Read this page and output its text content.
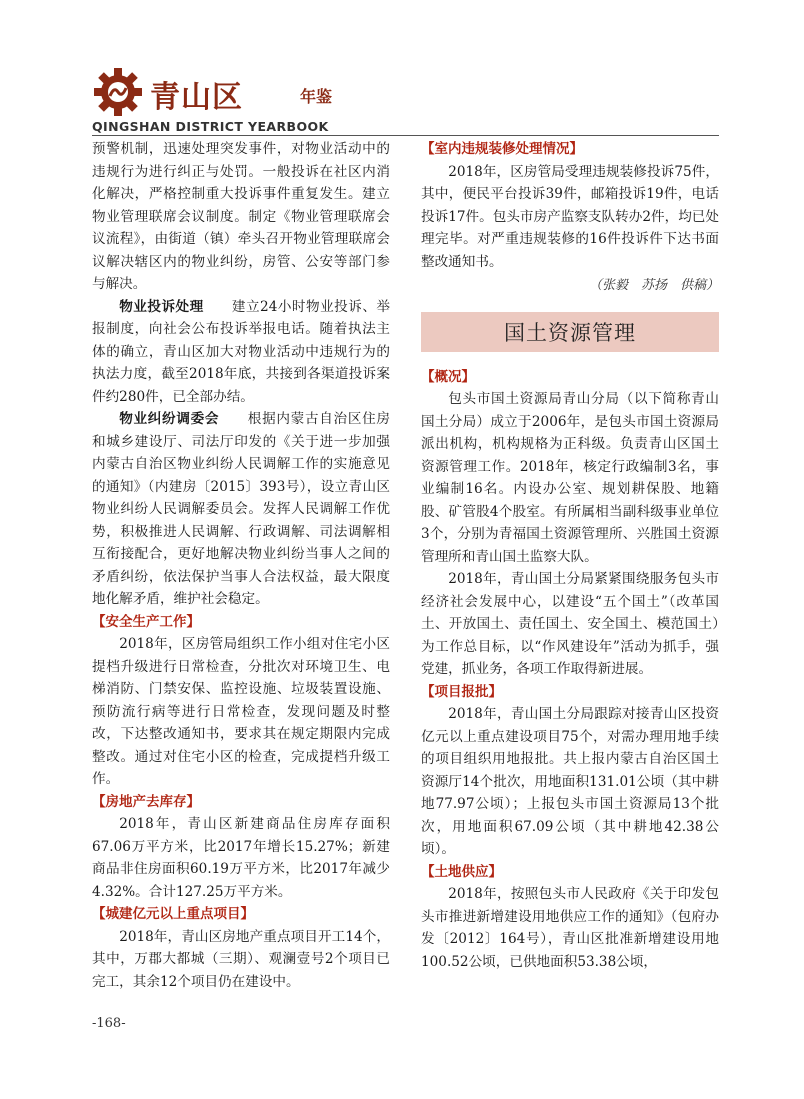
青山区	年鉴
QINGSHAN DISTRICT YEARBOOK

预警机制，迅速处理突发事件，对物业活动中的违规行为进行纠正与处罚。一般投诉在社区内消化解决，严格控制重大投诉事件重复发生。建立物业管理联席会议制度。制定《物业管理联席会议流程》，由街道（镇）牵头召开物业管理联席会议解决辖区内的物业纠纷，房管、公安等部门参与解决。

物业投诉处理　　建立24小时物业投诉、举报制度，向社会公布投诉举报电话。随着执法主体的确立，青山区加大对物业活动中违规行为的执法力度，截至2018年底，共接到各渠道投诉案件约280件，已全部办结。

物业纠纷调委会　　根据内蒙古自治区住房和城乡建设厅、司法厅印发的《关于进一步加强内蒙古自治区物业纠纷人民调解工作的实施意见的通知》（内建房〔2015〕393号），设立青山区物业纠纷人民调解委员会。发挥人民调解工作优势，积极推进人民调解、行政调解、司法调解相互衔接配合，更好地解决物业纠纷当事人之间的矛盾纠纷，依法保护当事人合法权益，最大限度地化解矛盾，维护社会稳定。

【安全生产工作】

2018年，区房管局组织工作小组对住宅小区提档升级进行日常检查，分批次对环境卫生、电梯消防、门禁安保、监控设施、垃圾装置设施、预防流行病等进行日常检查，发现问题及时整改，下达整改通知书，要求其在规定期限内完成整改。通过对住宅小区的检查，完成提档升级工作。

【房地产去库存】

2018年，青山区新建商品住房库存面积67.06万平方米，比2017年增长15.27%；新建商品非住房面积60.19万平方米，比2017年减少4.32%。合计127.25万平方米。

【城建亿元以上重点项目】

2018年，青山区房地产重点项目开工14个，其中，万郡大都城（三期）、观澜壹号2个项目已完工，其余12个项目仍在建设中。

【室内违规装修处理情况】

2018年，区房管局受理违规装修投诉75件，其中，便民平台投诉39件，邮箱投诉19件，电话投诉17件。包头市房产监察支队转办2件，均已处理完毕。对严重违规装修的16件投诉件下达书面整改通知书。

（张毅　苏扬　供稿）
国土资源管理
【概况】

包头市国土资源局青山分局（以下简称青山国土分局）成立于2006年，是包头市国土资源局派出机构，机构规格为正科级。负责青山区国土资源管理工作。2018年，核定行政编制3名，事业编制16名。内设办公室、规划耕保股、地籍股、矿管股4个股室。有所属相当副科级事业单位3个，分别为青福国土资源管理所、兴胜国土资源管理所和青山国土监察大队。

2018年，青山国土分局紧紧围绕服务包头市经济社会发展中心，以建设“五个国土”（改革国土、开放国土、责任国土、安全国土、模范国土）为工作总目标，以“作风建设年”活动为抓手，强党建，抓业务，各项工作取得新进展。

【项目报批】

2018年，青山国土分局跟踪对接青山区投资亿元以上重点建设项目75个，对需办理用地手续的项目组织用地报批。共上报内蒙古自治区国土资源厅14个批次，用地面积131.01公顷（其中耕地77.97公顷）；上报包头市国土资源局13个批次，用地面积67.09公顷（其中耕地42.38公顷）。

【土地供应】

2018年，按照包头市人民政府《关于印发包头市推进新增建设用地供应工作的通知》（包府办发〔2012〕164号），青山区批准新增建设用地100.52公顷，已供地面积53.38公顷，

-168-
